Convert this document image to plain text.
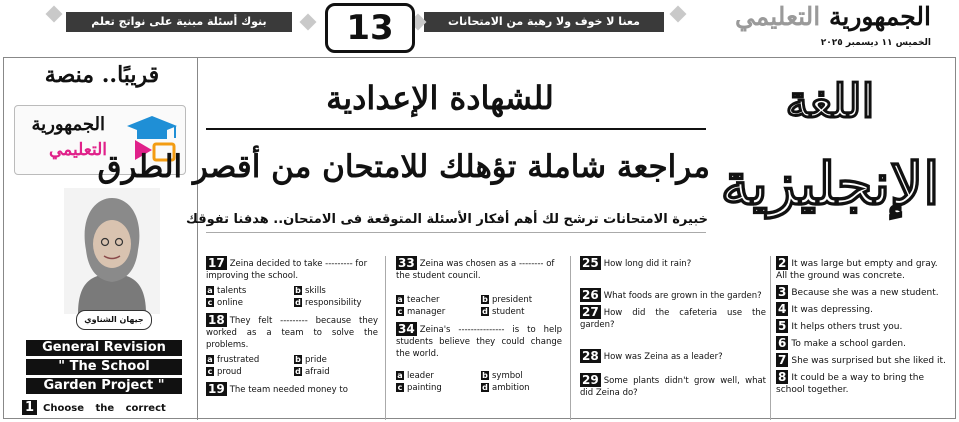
الجمهورية التعليمي
الخميس ١١ ديسمبر ٢٠٢٥
معنا لا خوف ولا رهبة من الامتحانات
13
بنوك أسئلة مبنية على نواتج تعلم
قريبًا.. منصة
الجمهورية
التعليمي
جيهان الشناوي
General Revision
" The School
Garden Project "
1 Choose the correct
للشهادة الإعدادية
مراجعة شاملة تؤهلك للامتحان من أقصر الطرق
خبيرة الامتحانات ترشح لك أهم أفكار الأسئلة المتوقعة فى الامتحان.. هدفنا تفوقك
اللغة
الإنجليزية
17 Zeina decided to take --------- for improving the school.
a talents	b skills
c online	d responsibility
18 They felt --------- because they worked as a team to solve the problems.
a frustrated	b pride
c proud	d afraid
19 The team needed money to
33 Zeina was chosen as a -------- of the student council.
a teacher	b president
c manager	d student
34 Zeina's --------------- is to help students believe they could change the world.
a leader	b symbol
c painting	d ambition
25 How long did it rain?
26 What foods are grown in the garden?
27 How did the cafeteria use the garden?
28 How was Zeina as a leader?
29 Some plants didn't grow well, what did Zeina do?
2 It was large but empty and gray. All the ground was concrete.
3 Because she was a new student.
4 It was depressing.
5 It helps others trust you.
6 To make a school garden.
7 She was surprised but she liked it.
8 It could be a way to bring the school together.
